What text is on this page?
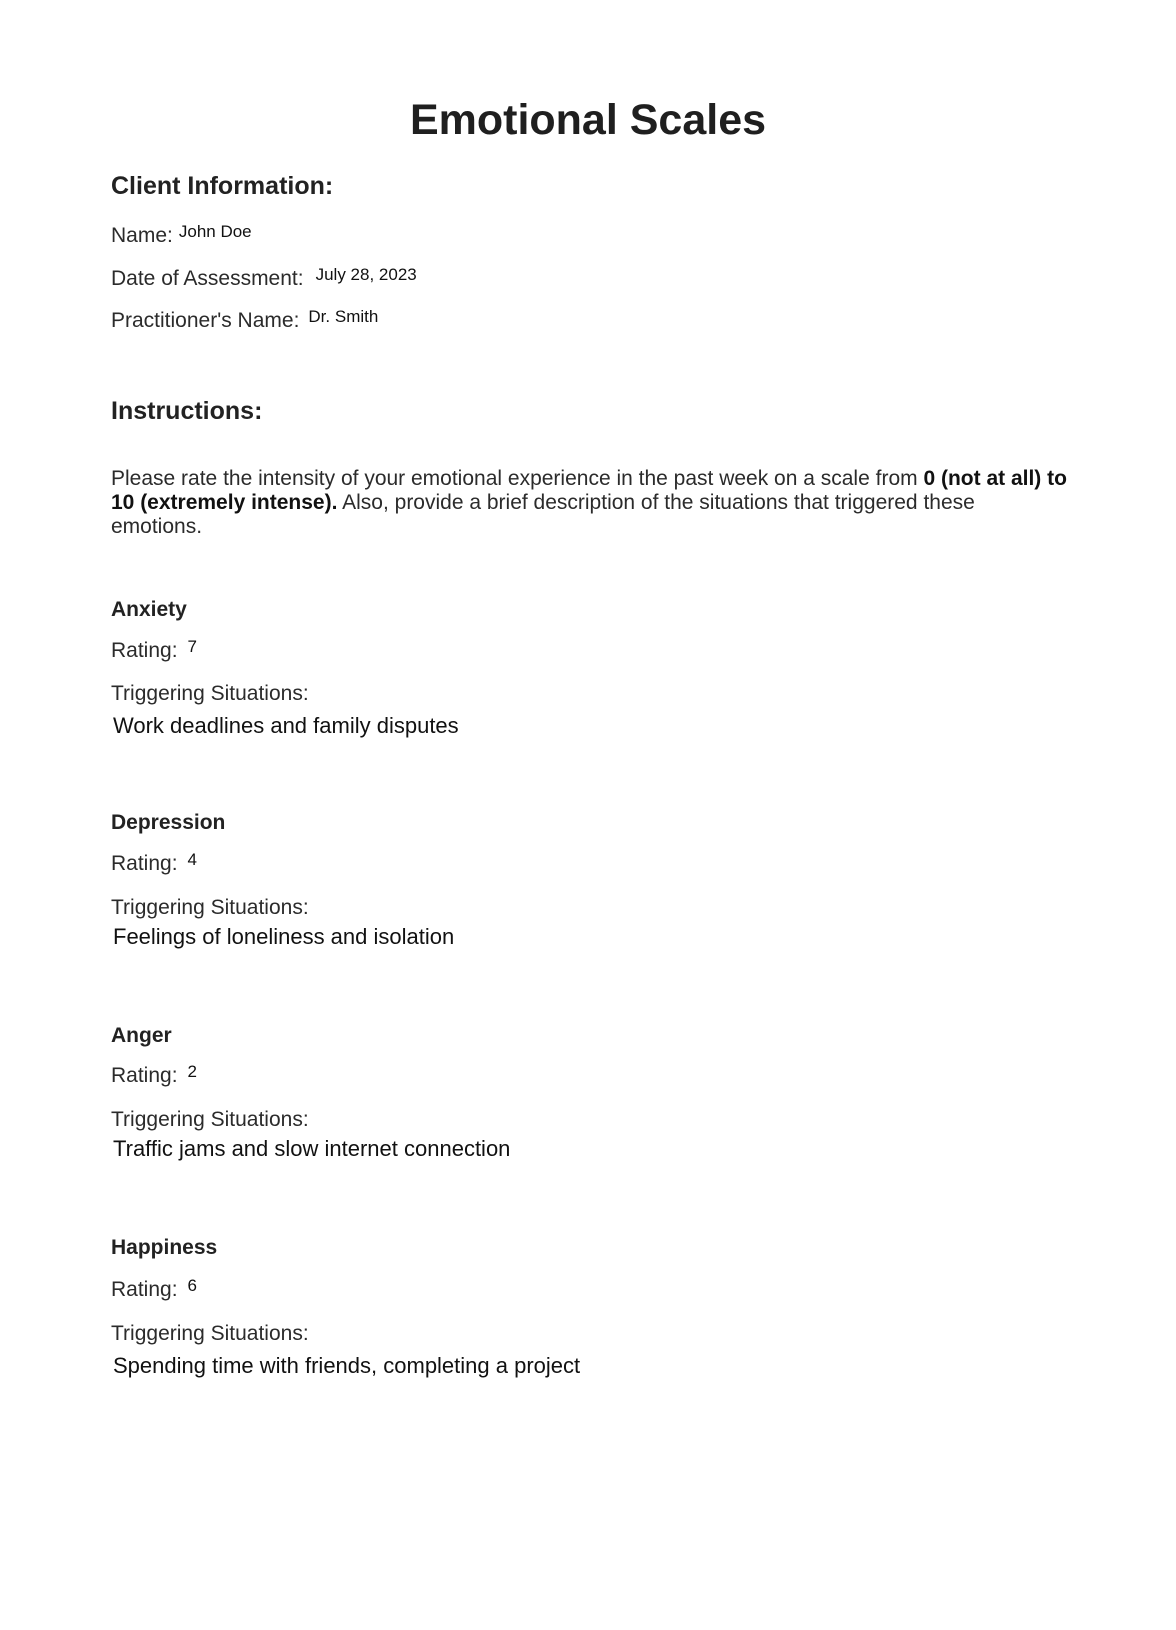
Emotional Scales
Client Information:
Name: $^{John Doe}$
Date of Assessment: $^{July 28, 2023}$
Practitioner's Name: $^{Dr. Smith}$
Instructions:

Please rate the intensity of your emotional experience in the past week on a scale from 0 (not at all) to 10 (extremely intense). Also, provide a brief description of the situations that triggered these emotions.

Anxiety
Rating: $^7$
Triggering Situations:
Work deadlines and family disputes
Depression
Rating: $^4$
Triggering Situations:
Feelings of loneliness and isolation
Anger
Rating: $^2$
Triggering Situations:
Traffic jams and slow internet connection
Happiness
Rating: $^6$
Triggering Situations:
Spending time with friends, completing a project
